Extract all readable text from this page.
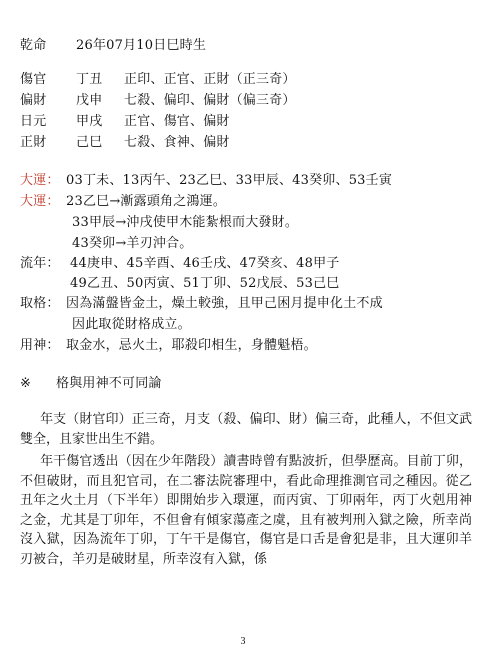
乾命 26年07月10日巳時生
傷官 丁丑 正印、正官、正財（正三奇）
偏財 戊申 七殺、偏印、偏財（偏三奇）
日元 甲戌 正官、傷官、偏財
正財 己巳 七殺、食神、偏財
大運： 03丁未、13丙午、23乙巳、33甲辰、43癸卯、53壬寅
大運： 23乙巳→漸露頭角之鴻運。
33甲辰→沖戌使甲木能紮根而大發財。
43癸卯→羊刃沖合。
流年： 44庚申、45辛酉、46壬戌、47癸亥、48甲子
49乙丑、50丙寅、51丁卯、52戊辰、53己巳
取格： 因為滿盤皆金土，燥土較強，且甲己困月提申化土不成
因此取從財格成立。
用神： 取金水，忌火土，耶殺印相生，身體魁梧。
※ 格與用神不可同論
年支（財官印）正三奇，月支（殺、偏印、財）偏三奇，此種人，不但文武雙全，且家世出生不錯。
年干傷官透出（因在少年階段）讀書時曾有點波折，但學歷高。目前丁卯，不但破財，而且犯官司，在二審法院審理中，看此命理推測官司之種因。從乙丑年之火土月（下半年）即開始步入環運，而丙寅、丁卯兩年，丙丁火剋用神之金，尤其是丁卯年，不但會有傾家蕩產之虞，且有被判刑入獄之險，所幸尚沒入獄，因為流年丁卯，丁午干是傷官，傷官是口舌是會犯是非，且大運卯羊刃被合，羊刃是破財星，所幸沒有入獄，係
3
